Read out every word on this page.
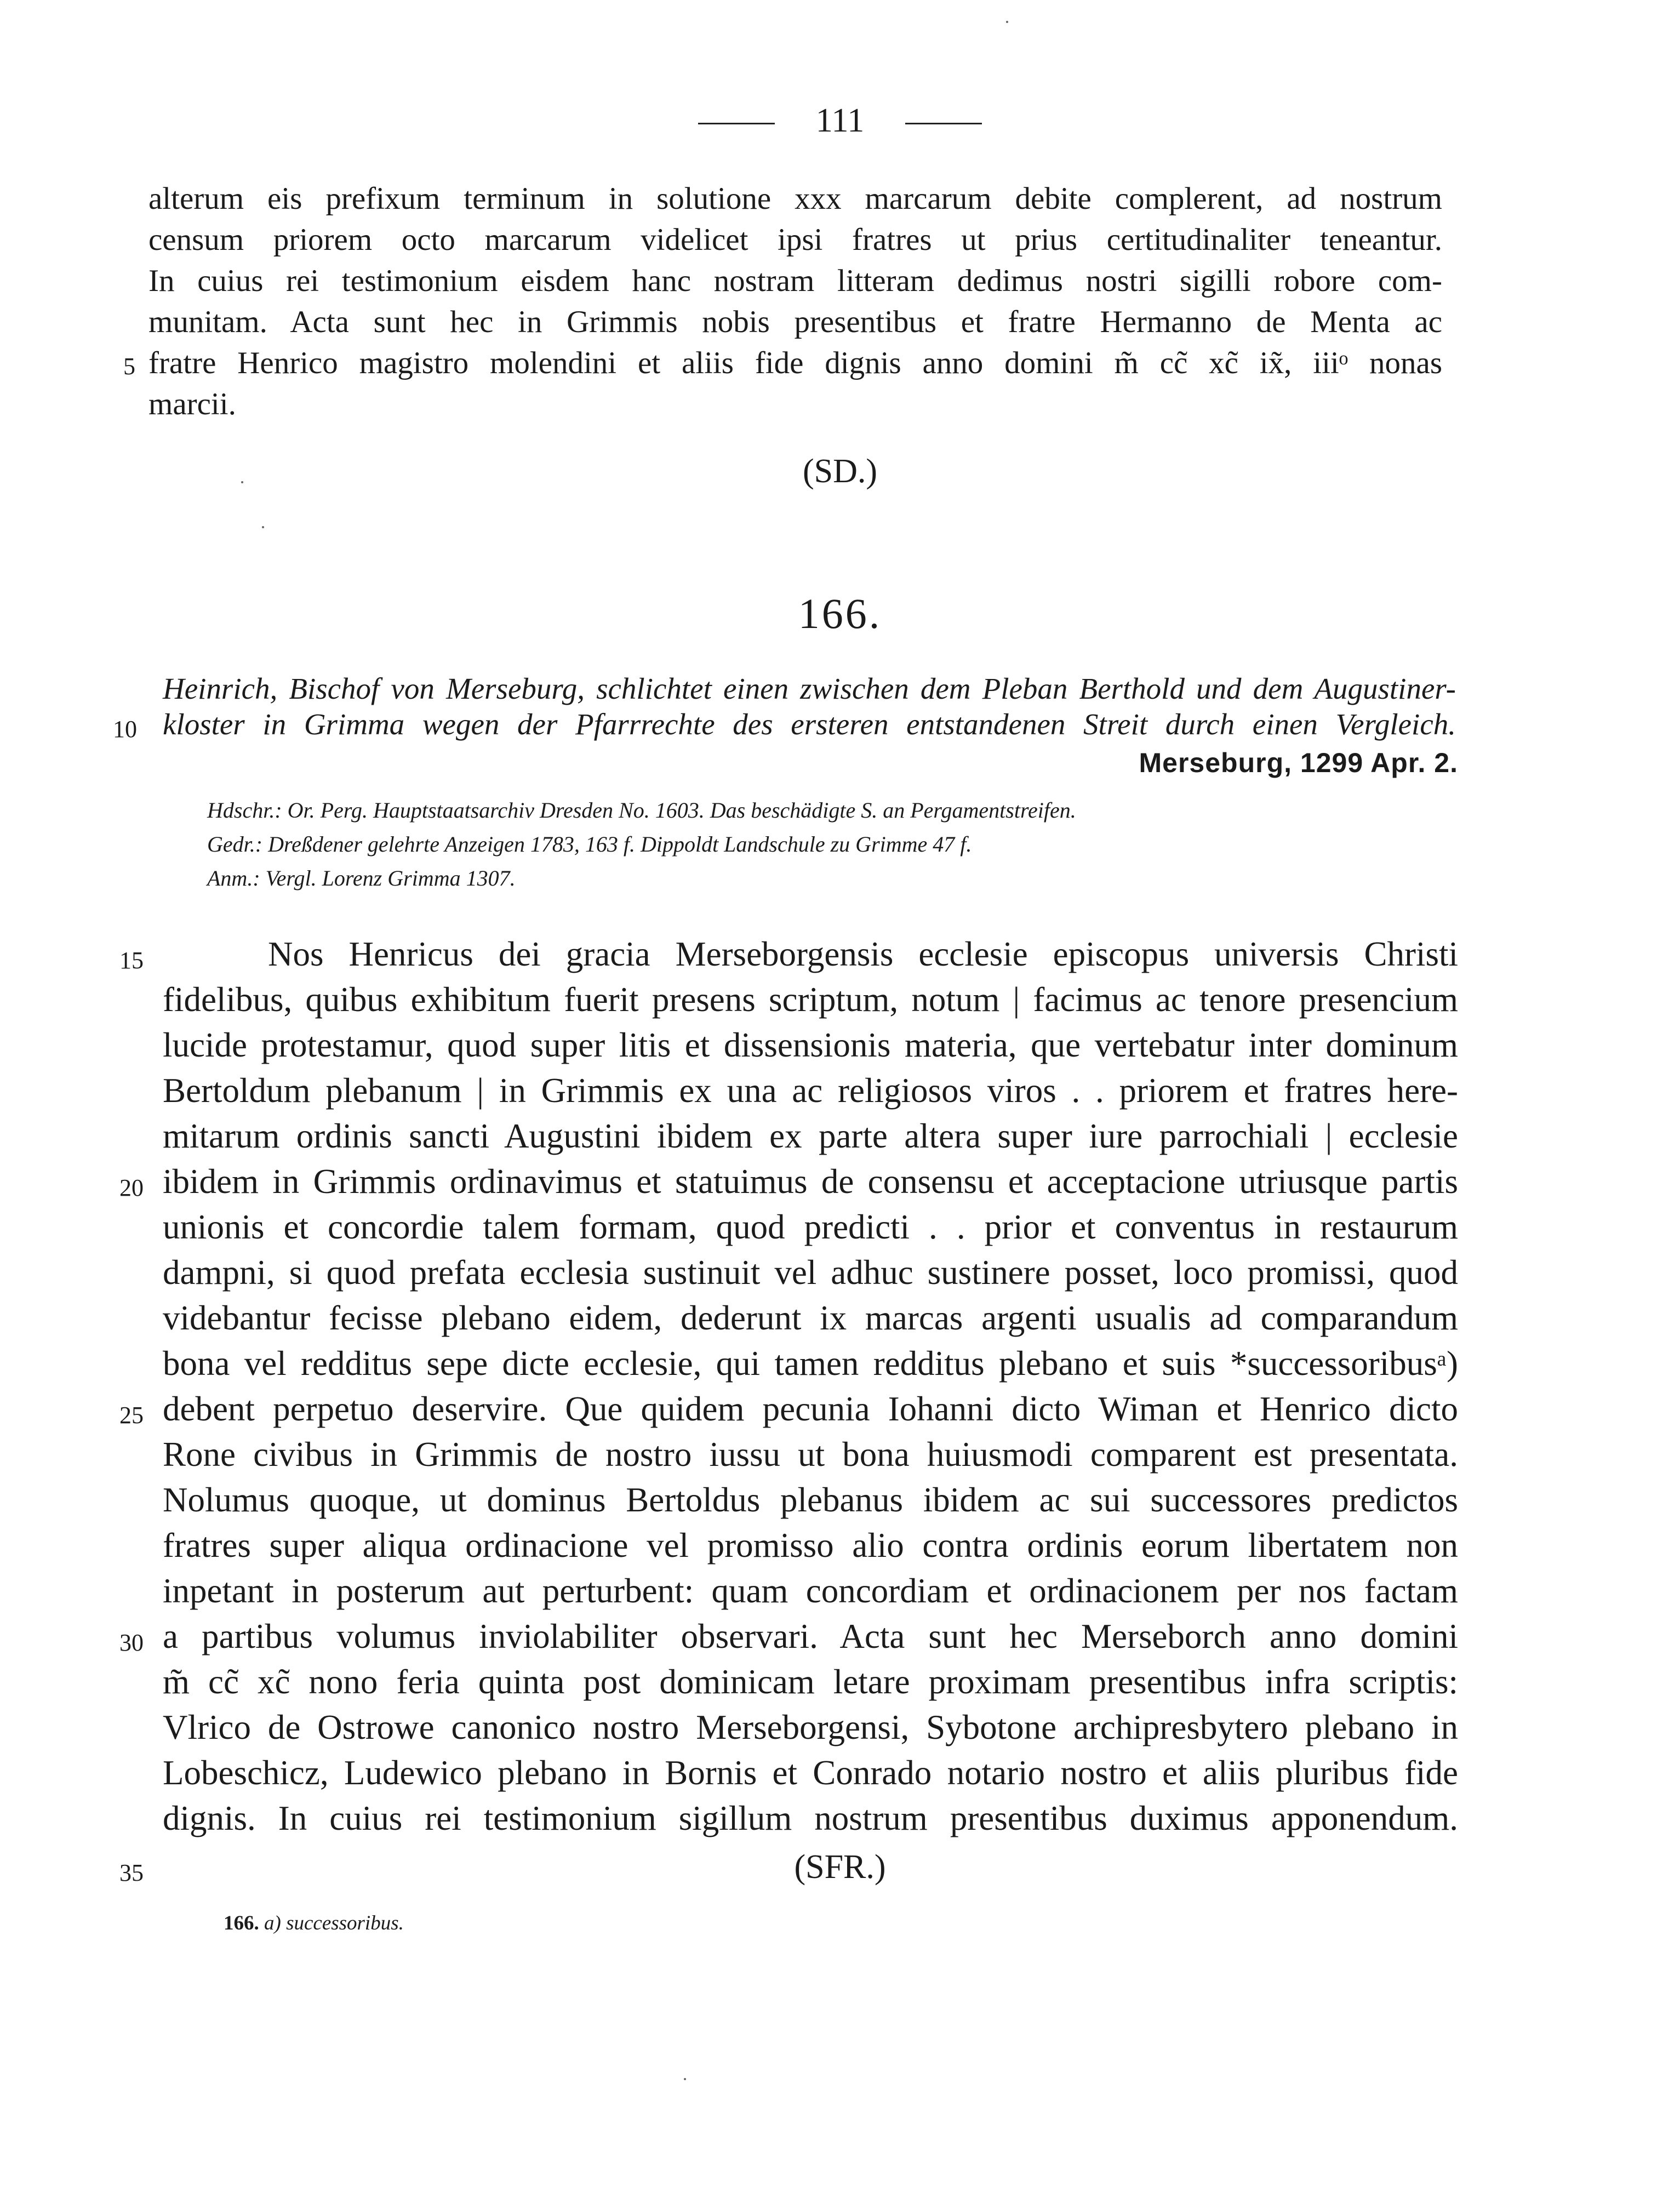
111
alterum eis prefixum terminum in solutione xxx marcarum debite complerent, ad nostrum
censum priorem octo marcarum videlicet ipsi fratres ut prius certitudinaliter teneantur.
In cuius rei testimonium eisdem hanc nostram litteram dedimus nostri sigilli robore com-
munitam. Acta sunt hec in Grimmis nobis presentibus et fratre Hermanno de Menta ac
5 fratre Henrico magistro molendini et aliis fide dignis anno domini m̃ cc̃ xc̃ ix̃, iiiᵒ nonas
marcii.
(SD.)
166.
Heinrich, Bischof von Merseburg, schlichtet einen zwischen dem Pleban Berthold und dem Augustiner-
10 kloster in Grimma wegen der Pfarrrechte des ersteren entstandenen Streit durch einen Vergleich.
Merseburg, 1299 Apr. 2.
Hdschr.: Or. Perg. Hauptstaatsarchiv Dresden No. 1603. Das beschädigte S. an Pergamentstreifen.
Gedr.: Dreßdener gelehrte Anzeigen 1783, 163 f. Dippoldt Landschule zu Grimme 47 f.
Anm.: Vergl. Lorenz Grimma 1307.
15	Nos Henricus dei gracia Merseborgensis ecclesie episcopus universis Christi
fidelibus, quibus exhibitum fuerit presens scriptum, notum | facimus ac tenore presencium
lucide protestamur, quod super litis et dissensionis materia, que vertebatur inter dominum
Bertoldum plebanum | in Grimmis ex una ac religiosos viros . . priorem et fratres here-
mitarum ordinis sancti Augustini ibidem ex parte altera super iure parrochiali | ecclesie
20 ibidem in Grimmis ordinavimus et statuimus de consensu et acceptacione utriusque partis
unionis et concordie talem formam, quod predicti . . prior et conventus in restaurum
dampni, si quod prefata ecclesia sustinuit vel adhuc sustinere posset, loco promissi, quod
videbantur fecisse plebano eidem, dederunt ix marcas argenti usualis ad comparandum
bona vel redditus sepe dicte ecclesie, qui tamen redditus plebano et suis *successoribusᵃ)
25 debent perpetuo deservire. Que quidem pecunia Iohanni dicto Wiman et Henrico dicto
Rone civibus in Grimmis de nostro iussu ut bona huiusmodi comparent est presentata.
Nolumus quoque, ut dominus Bertoldus plebanus ibidem ac sui successores predictos
fratres super aliqua ordinacione vel promisso alio contra ordinis eorum libertatem non
inpetant in posterum aut perturbent: quam concordiam et ordinacionem per nos factam
30 a partibus volumus inviolabiliter observari. Acta sunt hec Merseborch anno domini
m̃ cc̃ xc̃ nono feria quinta post dominicam letare proximam presentibus infra scriptis:
Vlrico de Ostrowe canonico nostro Merseborgensi, Sybotone archipresbytero plebano in
Lobeschicz, Ludewico plebano in Bornis et Conrado notario nostro et aliis pluribus fide
dignis. In cuius rei testimonium sigillum nostrum presentibus duximus apponendum.
35	(SFR.)
166. a) successoribus.
